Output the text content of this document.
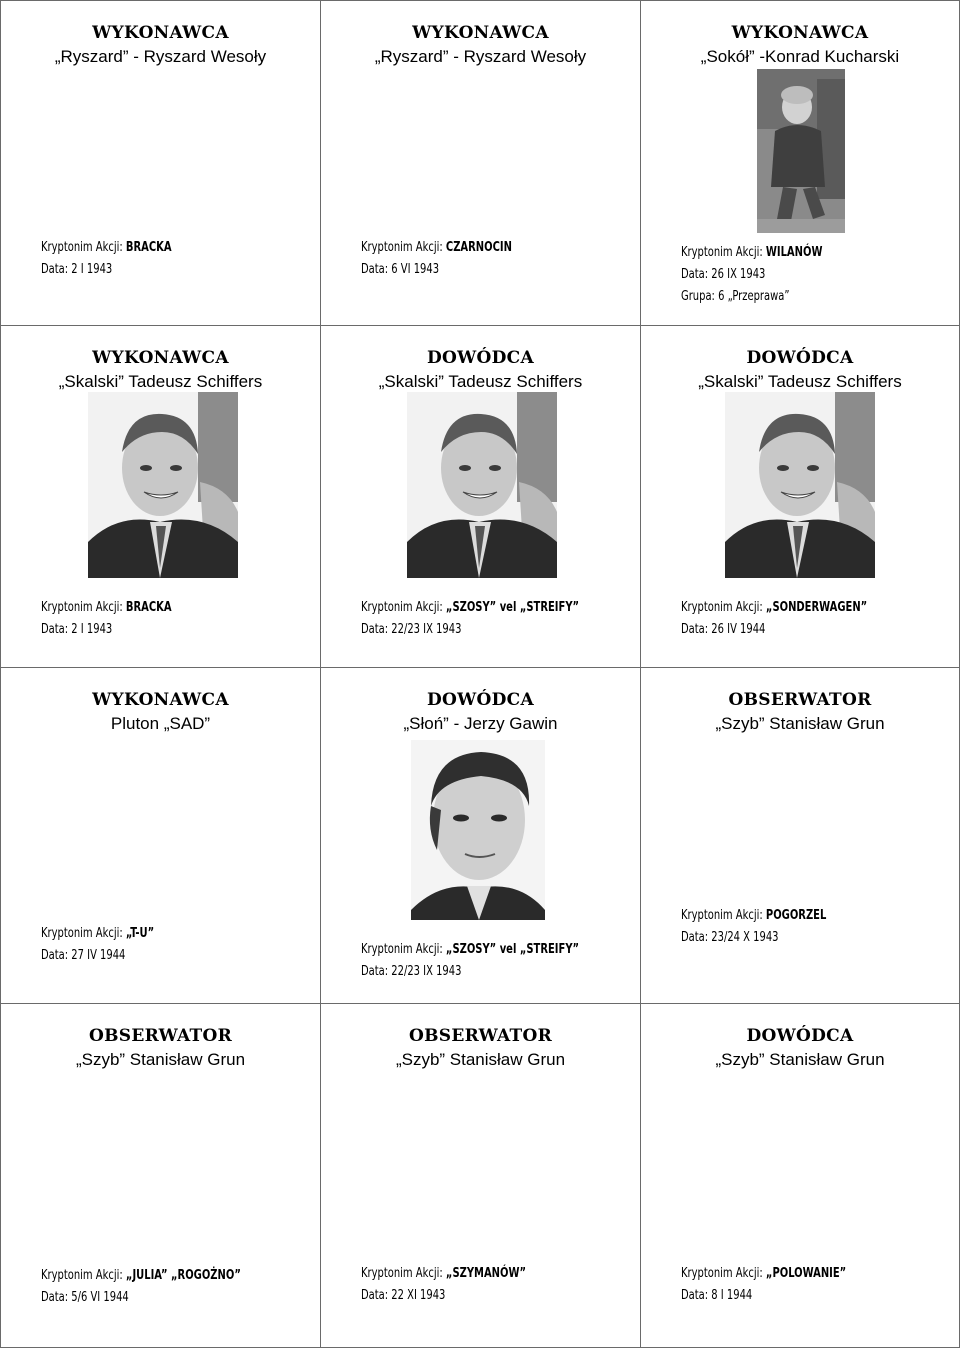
WYKONAWCA
„Ryszard” - Ryszard Wesoły
Kryptonim Akcji: BRACKA
Data: 2 I 1943
WYKONAWCA
„Ryszard” - Ryszard Wesoły
Kryptonim Akcji: CZARNOCIN
Data: 6 VI 1943
WYKONAWCA
„Sokół” -Konrad Kucharski
Kryptonim Akcji: WILANÓW
Data: 26 IX 1943
Grupa: 6 „Przeprawa”
WYKONAWCA
„Skalski” Tadeusz Schiffers
Kryptonim Akcji: BRACKA
Data: 2 I 1943
DOWÓDCA
„Skalski” Tadeusz Schiffers
Kryptonim Akcji: „SZOSY” vel „STREIFY”
Data: 22/23 IX 1943
DOWÓDCA
„Skalski” Tadeusz Schiffers
Kryptonim Akcji: „SONDERWAGEN”
Data: 26 IV 1944
WYKONAWCA
Pluton „SAD”
Kryptonim Akcji: „T-U”
Data: 27 IV 1944
DOWÓDCA
„Słoń” - Jerzy Gawin
Kryptonim Akcji: „SZOSY” vel „STREIFY”
Data: 22/23 IX 1943
OBSERWATOR
„Szyb” Stanisław Grun
Kryptonim Akcji: POGORZEL
Data: 23/24 X 1943
OBSERWATOR
„Szyb” Stanisław Grun
Kryptonim Akcji: „JULIA” „ROGOŻNO”
Data: 5/6 VI 1944
OBSERWATOR
„Szyb” Stanisław Grun
Kryptonim Akcji: „SZYMANÓW”
Data: 22 XI 1943
DOWÓDCA
„Szyb” Stanisław Grun
Kryptonim Akcji: „POLOWANIE”
Data: 8 I 1944
